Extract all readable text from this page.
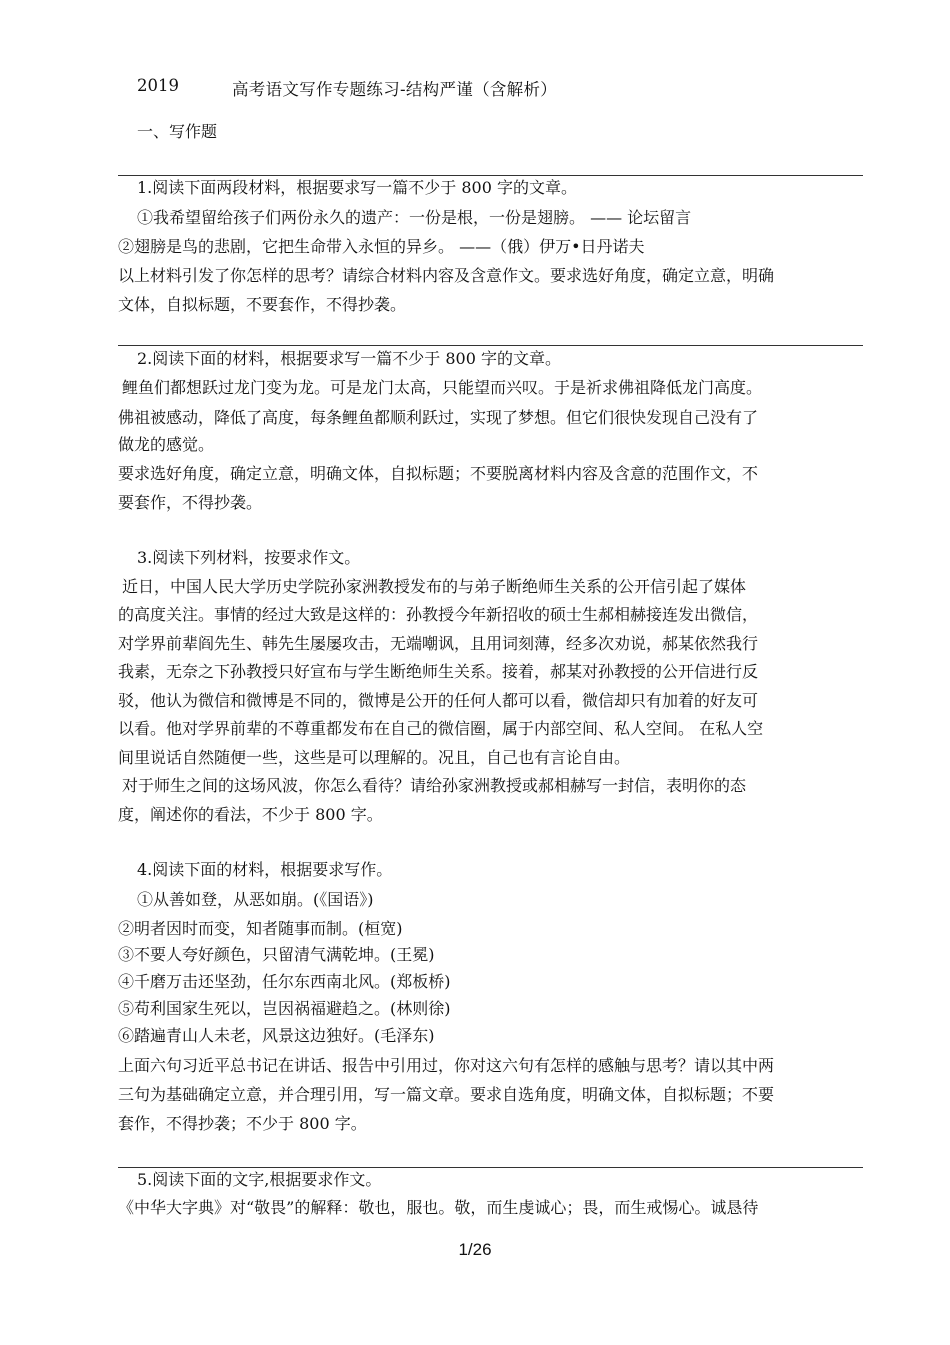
2019	高考语文写作专题练习-结构严谨（含解析）
一、写作题
1.阅读下面两段材料，根据要求写一篇不少于 800 字的文章。
①我希望留给孩子们两份永久的遗产：一份是根，一份是翅膀。 —— 论坛留言
②翅膀是鸟的悲剧，它把生命带入永恒的异乡。 ——（俄）伊万•日丹诺夫
以上材料引发了你怎样的思考？请综合材料内容及含意作文。要求选好角度，确定立意，明确
文体，自拟标题，不要套作，不得抄袭。
2.阅读下面的材料，根据要求写一篇不少于 800 字的文章。
鲤鱼们都想跃过龙门变为龙。可是龙门太高，只能望而兴叹。于是祈求佛祖降低龙门高度。
佛祖被感动，降低了高度，每条鲤鱼都顺利跃过，实现了梦想。但它们很快发现自己没有了
做龙的感觉。
要求选好角度，确定立意，明确文体，自拟标题；不要脱离材料内容及含意的范围作文，不
要套作，不得抄袭。
3.阅读下列材料，按要求作文。
近日，中国人民大学历史学院孙家洲教授发布的与弟子断绝师生关系的公开信引起了媒体
的高度关注。事情的经过大致是这样的：孙教授今年新招收的硕士生郝相赫接连发出微信，
对学界前辈阎先生、韩先生屡屡攻击，无端嘲讽，且用词刻薄，经多次劝说，郝某依然我行
我素，无奈之下孙教授只好宣布与学生断绝师生关系。接着，郝某对孙教授的公开信进行反
驳，他认为微信和微博是不同的，微博是公开的任何人都可以看，微信却只有加着的好友可
以看。他对学界前辈的不尊重都发布在自己的微信圈，属于内部空间、私人空间。 在私人空
间里说话自然随便一些，这些是可以理解的。况且，自己也有言论自由。
对于师生之间的这场风波，你怎么看待？请给孙家洲教授或郝相赫写一封信，表明你的态
度，阐述你的看法，不少于 800 字。
4.阅读下面的材料，根据要求写作。
①从善如登，从恶如崩。(《国语》)
②明者因时而变，知者随事而制。(桓宽)
③不要人夸好颜色，只留清气满乾坤。(王冕)
④千磨万击还坚劲，任尔东西南北风。(郑板桥)
⑤苟利国家生死以，岂因祸福避趋之。(林则徐)
⑥踏遍青山人未老，风景这边独好。(毛泽东)
上面六句习近平总书记在讲话、报告中引用过，你对这六句有怎样的感触与思考？请以其中两
三句为基础确定立意，并合理引用，写一篇文章。要求自选角度，明确文体，自拟标题；不要
套作，不得抄袭；不少于 800 字。
5.阅读下面的文字,根据要求作文。
《中华大字典》对“敬畏”的解释：敬也，服也。敬，而生虔诚心；畏，而生戒惕心。诚恳待
1/26
